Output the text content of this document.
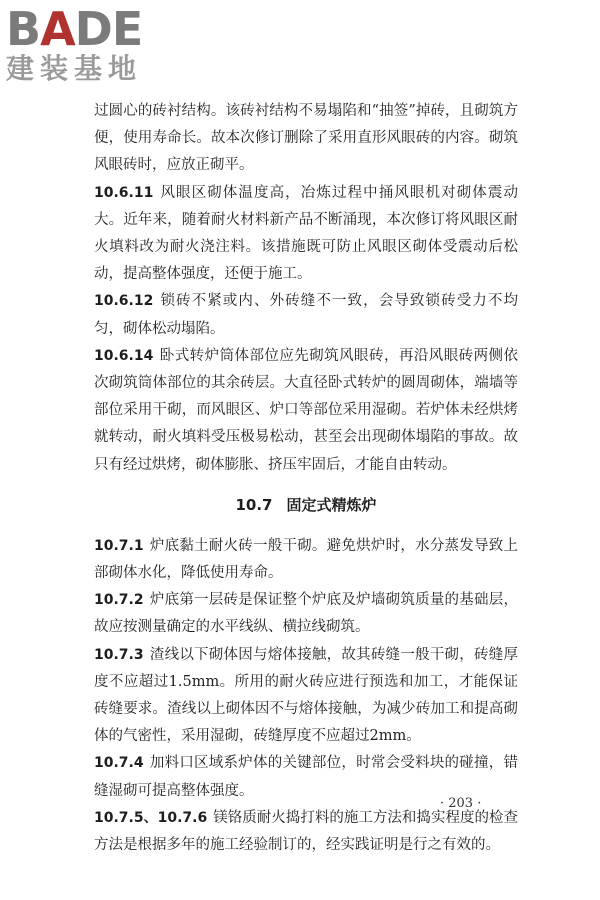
BADE
建装基地

过圆心的砖衬结构。该砖衬结构不易塌陷和“抽签”掉砖，且砌筑方便，使用寿命长。故本次修订删除了采用直形风眼砖的内容。砌筑风眼砖时，应放正砌平。

10.6.11 风眼区砌体温度高，冶炼过程中捅风眼机对砌体震动大。近年来，随着耐火材料新产品不断涌现，本次修订将风眼区耐火填料改为耐火浇注料。该措施既可防止风眼区砌体受震动后松动，提高整体强度，还便于施工。

10.6.12 锁砖不紧或内、外砖缝不一致，会导致锁砖受力不均匀，砌体松动塌陷。

10.6.14 卧式转炉筒体部位应先砌筑风眼砖，再沿风眼砖两侧依次砌筑筒体部位的其余砖层。大直径卧式转炉的圆周砌体，端墙等部位采用干砌，而风眼区、炉口等部位采用湿砌。若炉体未经烘烤就转动，耐火填料受压极易松动，甚至会出现砌体塌陷的事故。故只有经过烘烤，砌体膨胀、挤压牢固后，才能自由转动。

10.7 固定式精炼炉

10.7.1 炉底黏土耐火砖一般干砌。避免烘炉时，水分蒸发导致上部砌体水化，降低使用寿命。

10.7.2 炉底第一层砖是保证整个炉底及炉墙砌筑质量的基础层，故应按测量确定的水平线纵、横拉线砌筑。

10.7.3 渣线以下砌体因与熔体接触，故其砖缝一般干砌，砖缝厚度不应超过1.5mm。所用的耐火砖应进行预选和加工，才能保证砖缝要求。渣线以上砌体因不与熔体接触，为减少砖加工和提高砌体的气密性，采用湿砌，砖缝厚度不应超过2mm。

10.7.4 加料口区域系炉体的关键部位，时常会受料块的碰撞，错缝湿砌可提高整体强度。

10.7.5、10.7.6 镁铬质耐火捣打料的施工方法和捣实程度的检查方法是根据多年的施工经验制订的，经实践证明是行之有效的。

· 203 ·
